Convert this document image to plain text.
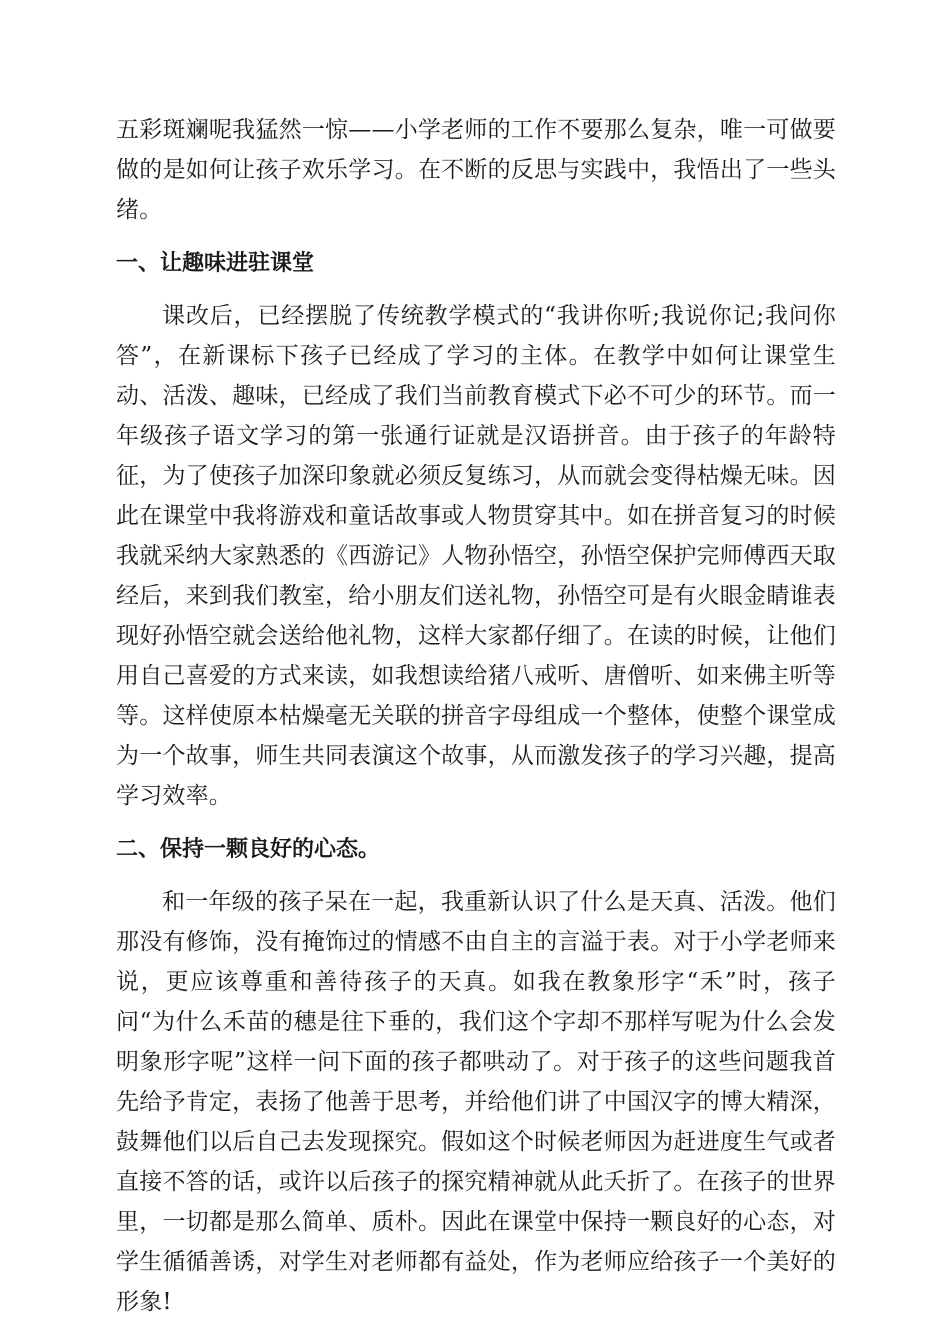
五彩斑斓呢我猛然一惊——小学老师的工作不要那么复杂，唯一可做要做的是如何让孩子欢乐学习。在不断的反思与实践中，我悟出了一些头绪。

一、让趣味进驻课堂

课改后，已经摆脱了传统教学模式的“我讲你听;我说你记;我问你答”，在新课标下孩子已经成了学习的主体。在教学中如何让课堂生动、活泼、趣味，已经成了我们当前教育模式下必不可少的环节。而一年级孩子语文学习的第一张通行证就是汉语拼音。由于孩子的年龄特征，为了使孩子加深印象就必须反复练习，从而就会变得枯燥无味。因此在课堂中我将游戏和童话故事或人物贯穿其中。如在拼音复习的时候我就采纳大家熟悉的《西游记》人物孙悟空，孙悟空保护完师傅西天取经后，来到我们教室，给小朋友们送礼物，孙悟空可是有火眼金睛谁表现好孙悟空就会送给他礼物，这样大家都仔细了。在读的时候，让他们用自己喜爱的方式来读，如我想读给猪八戒听、唐僧听、如来佛主听等等。这样使原本枯燥毫无关联的拼音字母组成一个整体，使整个课堂成为一个故事，师生共同表演这个故事，从而激发孩子的学习兴趣，提高学习效率。

二、保持一颗良好的心态。

和一年级的孩子呆在一起，我重新认识了什么是天真、活泼。他们那没有修饰，没有掩饰过的情感不由自主的言溢于表。对于小学老师来说，更应该尊重和善待孩子的天真。如我在教象形字“禾”时，孩子问“为什么禾苗的穗是往下垂的，我们这个字却不那样写呢为什么会发明象形字呢”这样一问下面的孩子都哄动了。对于孩子的这些问题我首先给予肯定，表扬了他善于思考，并给他们讲了中国汉字的博大精深，鼓舞他们以后自己去发现探究。假如这个时候老师因为赶进度生气或者直接不答的话，或许以后孩子的探究精神就从此夭折了。在孩子的世界里，一切都是那么简单、质朴。因此在课堂中保持一颗良好的心态，对学生循循善诱，对学生对老师都有益处，作为老师应给孩子一个美好的形象!
